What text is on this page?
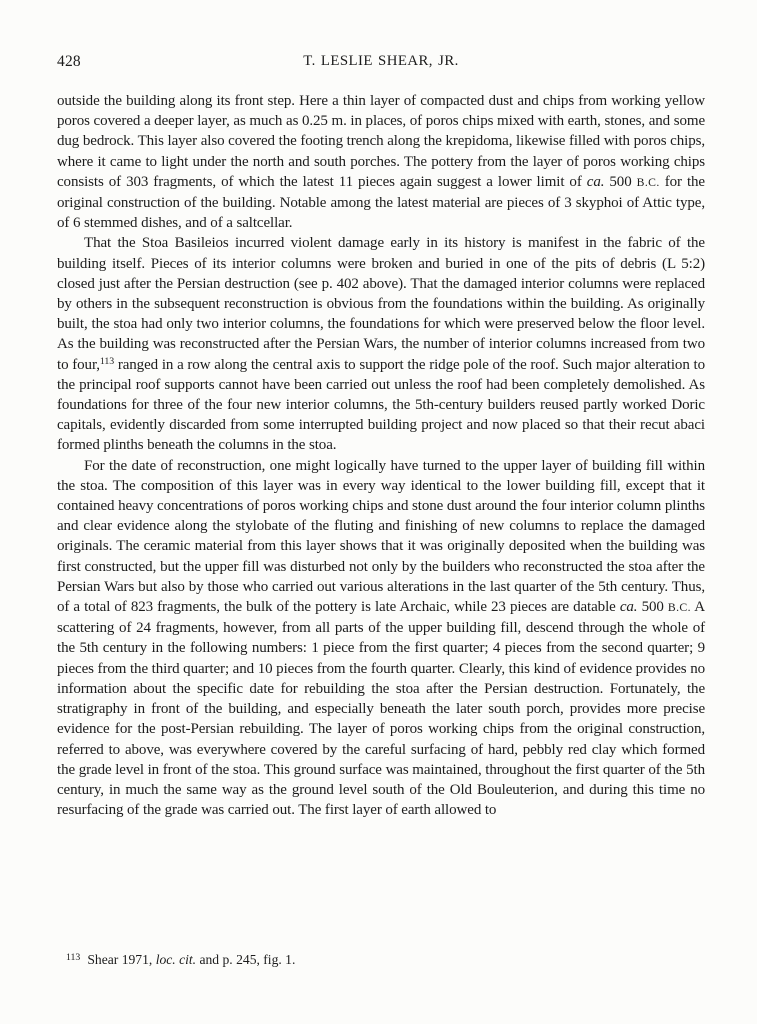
428	T. LESLIE SHEAR, JR.

outside the building along its front step. Here a thin layer of compacted dust and chips from working yellow poros covered a deeper layer, as much as 0.25 m. in places, of poros chips mixed with earth, stones, and some dug bedrock. This layer also covered the footing trench along the krepidoma, likewise filled with poros chips, where it came to light under the north and south porches. The pottery from the layer of poros working chips consists of 303 fragments, of which the latest 11 pieces again suggest a lower limit of ca. 500 B.C. for the original construction of the building. Notable among the latest material are pieces of 3 skyphoi of Attic type, of 6 stemmed dishes, and of a saltcellar.

That the Stoa Basileios incurred violent damage early in its history is manifest in the fabric of the building itself. Pieces of its interior columns were broken and buried in one of the pits of debris (L 5:2) closed just after the Persian destruction (see p. 402 above). That the damaged interior columns were replaced by others in the subsequent reconstruction is obvious from the foundations within the building. As originally built, the stoa had only two interior columns, the foundations for which were preserved below the floor level. As the building was reconstructed after the Persian Wars, the number of interior columns increased from two to four,$^{113}$ ranged in a row along the central axis to support the ridge pole of the roof. Such major alteration to the principal roof supports cannot have been carried out unless the roof had been completely demolished. As foundations for three of the four new interior columns, the 5th-century builders reused partly worked Doric capitals, evidently discarded from some interrupted building project and now placed so that their recut abaci formed plinths beneath the columns in the stoa.

For the date of reconstruction, one might logically have turned to the upper layer of building fill within the stoa. The composition of this layer was in every way identical to the lower building fill, except that it contained heavy concentrations of poros working chips and stone dust around the four interior column plinths and clear evidence along the stylobate of the fluting and finishing of new columns to replace the damaged originals. The ceramic material from this layer shows that it was originally deposited when the building was first constructed, but the upper fill was disturbed not only by the builders who reconstructed the stoa after the Persian Wars but also by those who carried out various alterations in the last quarter of the 5th century. Thus, of a total of 823 fragments, the bulk of the pottery is late Archaic, while 23 pieces are datable ca. 500 B.C. A scattering of 24 fragments, however, from all parts of the upper building fill, descend through the whole of the 5th century in the following numbers: 1 piece from the first quarter; 4 pieces from the second quarter; 9 pieces from the third quarter; and 10 pieces from the fourth quarter. Clearly, this kind of evidence provides no information about the specific date for rebuilding the stoa after the Persian destruction. Fortunately, the stratigraphy in front of the building, and especially beneath the later south porch, provides more precise evidence for the post-Persian rebuilding. The layer of poros working chips from the original construction, referred to above, was everywhere covered by the careful surfacing of hard, pebbly red clay which formed the grade level in front of the stoa. This ground surface was maintained, throughout the first quarter of the 5th century, in much the same way as the ground level south of the Old Bouleuterion, and during this time no resurfacing of the grade was carried out. The first layer of earth allowed to

$^{113}$ Shear 1971, loc. cit. and p. 245, fig. 1.
